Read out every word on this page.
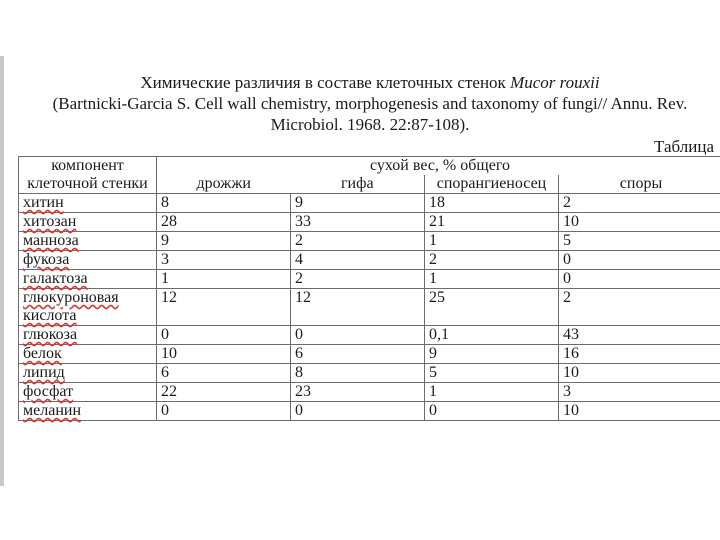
Химические различия в составе клеточных стенок Mucor rouxii
(Bartnicki-Garcia S. Cell wall chemistry, morphogenesis and taxonomy of fungi// Annu. Rev.
Microbiol. 1968. 22:87-108).
Таблица
компонент клеточной стенки	сухой вес, % общего			
	дрожжи	гифа	спорангиеносец	споры
хитин	8	9	18	2
хитозан	28	33	21	10
манноза	9	2	1	5
фукоза	3	4	2	0
галактоза	1	2	1	0
глюкуроновая кислота	12	12	25	2
глюкоза	0	0	0,1	43
белок	10	6	9	16
липид	6	8	5	10
фосфат	22	23	1	3
меланин	0	0	0	10
